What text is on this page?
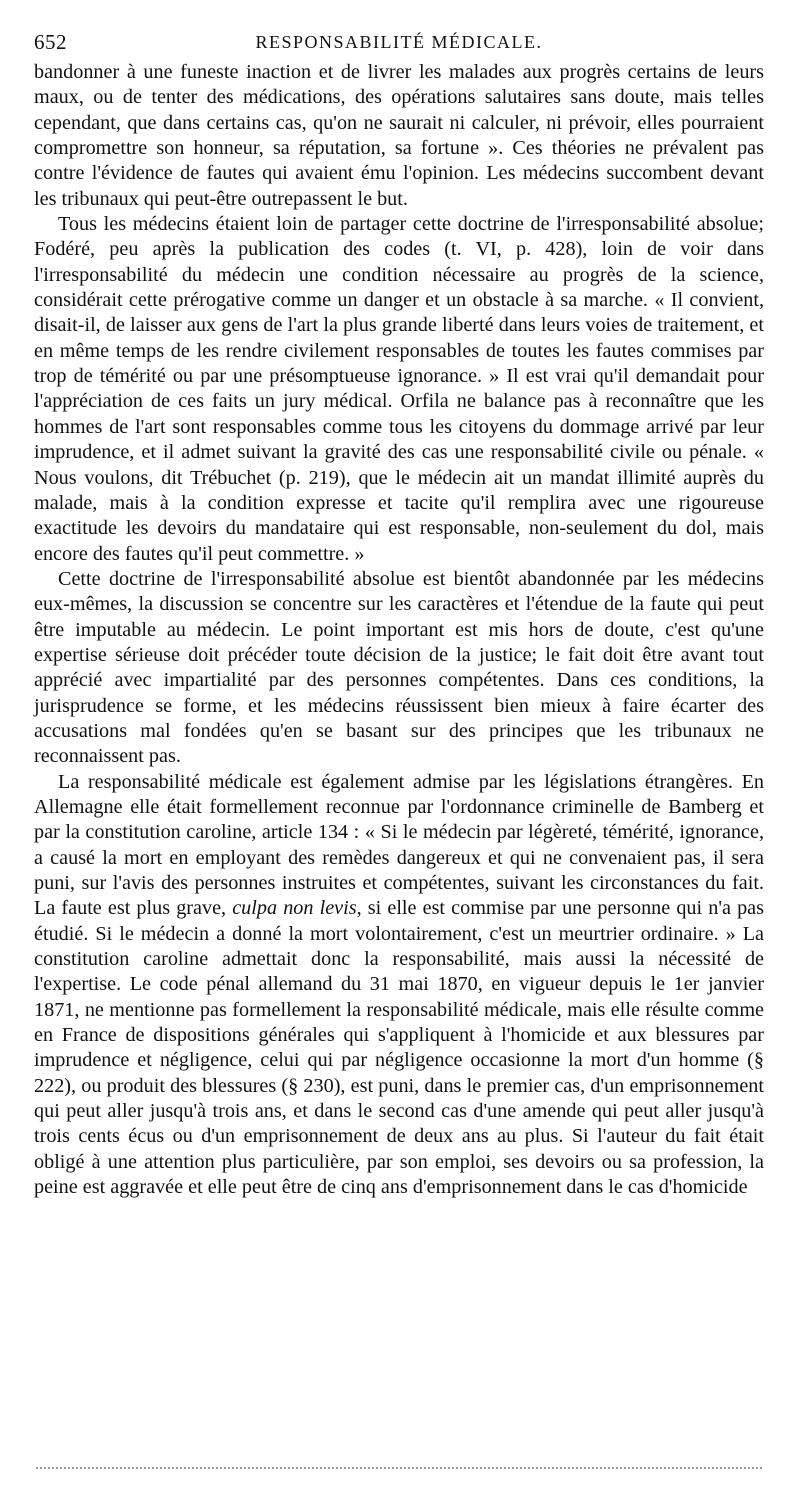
652	RESPONSABILITÉ MÉDICALE.

bandonner à une funeste inaction et de livrer les malades aux progrès certains de leurs maux, ou de tenter des médications, des opérations salutaires sans doute, mais telles cependant, que dans certains cas, qu'on ne saurait ni calculer, ni prévoir, elles pourraient compromettre son honneur, sa réputation, sa fortune ». Ces théories ne prévalent pas contre l'évidence de fautes qui avaient ému l'opinion. Les médecins succombent devant les tribunaux qui peut-être outrepassent le but.

Tous les médecins étaient loin de partager cette doctrine de l'irresponsabilité absolue; Fodéré, peu après la publication des codes (t. VI, p. 428), loin de voir dans l'irresponsabilité du médecin une condition nécessaire au progrès de la science, considérait cette prérogative comme un danger et un obstacle à sa marche. « Il convient, disait-il, de laisser aux gens de l'art la plus grande liberté dans leurs voies de traitement, et en même temps de les rendre civilement responsables de toutes les fautes commises par trop de témérité ou par une présomptueuse ignorance. » Il est vrai qu'il demandait pour l'appréciation de ces faits un jury médical. Orfila ne balance pas à reconnaître que les hommes de l'art sont responsables comme tous les citoyens du dommage arrivé par leur imprudence, et il admet suivant la gravité des cas une responsabilité civile ou pénale. « Nous voulons, dit Trébuchet (p. 219), que le médecin ait un mandat illimité auprès du malade, mais à la condition expresse et tacite qu'il remplira avec une rigoureuse exactitude les devoirs du mandataire qui est responsable, non-seulement du dol, mais encore des fautes qu'il peut commettre. »

Cette doctrine de l'irresponsabilité absolue est bientôt abandonnée par les médecins eux-mêmes, la discussion se concentre sur les caractères et l'étendue de la faute qui peut être imputable au médecin. Le point important est mis hors de doute, c'est qu'une expertise sérieuse doit précéder toute décision de la justice; le fait doit être avant tout apprécié avec impartialité par des personnes compétentes. Dans ces conditions, la jurisprudence se forme, et les médecins réussissent bien mieux à faire écarter des accusations mal fondées qu'en se basant sur des principes que les tribunaux ne reconnaissent pas.

La responsabilité médicale est également admise par les législations étrangères. En Allemagne elle était formellement reconnue par l'ordonnance criminelle de Bamberg et par la constitution caroline, article 134 : « Si le médecin par légèreté, témérité, ignorance, a causé la mort en employant des remèdes dangereux et qui ne convenaient pas, il sera puni, sur l'avis des personnes instruites et compétentes, suivant les circonstances du fait. La faute est plus grave, culpa non levis, si elle est commise par une personne qui n'a pas étudié. Si le médecin a donné la mort volontairement, c'est un meurtrier ordinaire. » La constitution caroline admettait donc la responsabilité, mais aussi la nécessité de l'expertise. Le code pénal allemand du 31 mai 1870, en vigueur depuis le 1er janvier 1871, ne mentionne pas formellement la responsabilité médicale, mais elle résulte comme en France de dispositions générales qui s'appliquent à l'homicide et aux blessures par imprudence et négligence, celui qui par négligence occasionne la mort d'un homme (§ 222), ou produit des blessures (§ 230), est puni, dans le premier cas, d'un emprisonnement qui peut aller jusqu'à trois ans, et dans le second cas d'une amende qui peut aller jusqu'à trois cents écus ou d'un emprisonnement de deux ans au plus. Si l'auteur du fait était obligé à une attention plus particulière, par son emploi, ses devoirs ou sa profession, la peine est aggravée et elle peut être de cinq ans d'emprisonnement dans le cas d'homicide
